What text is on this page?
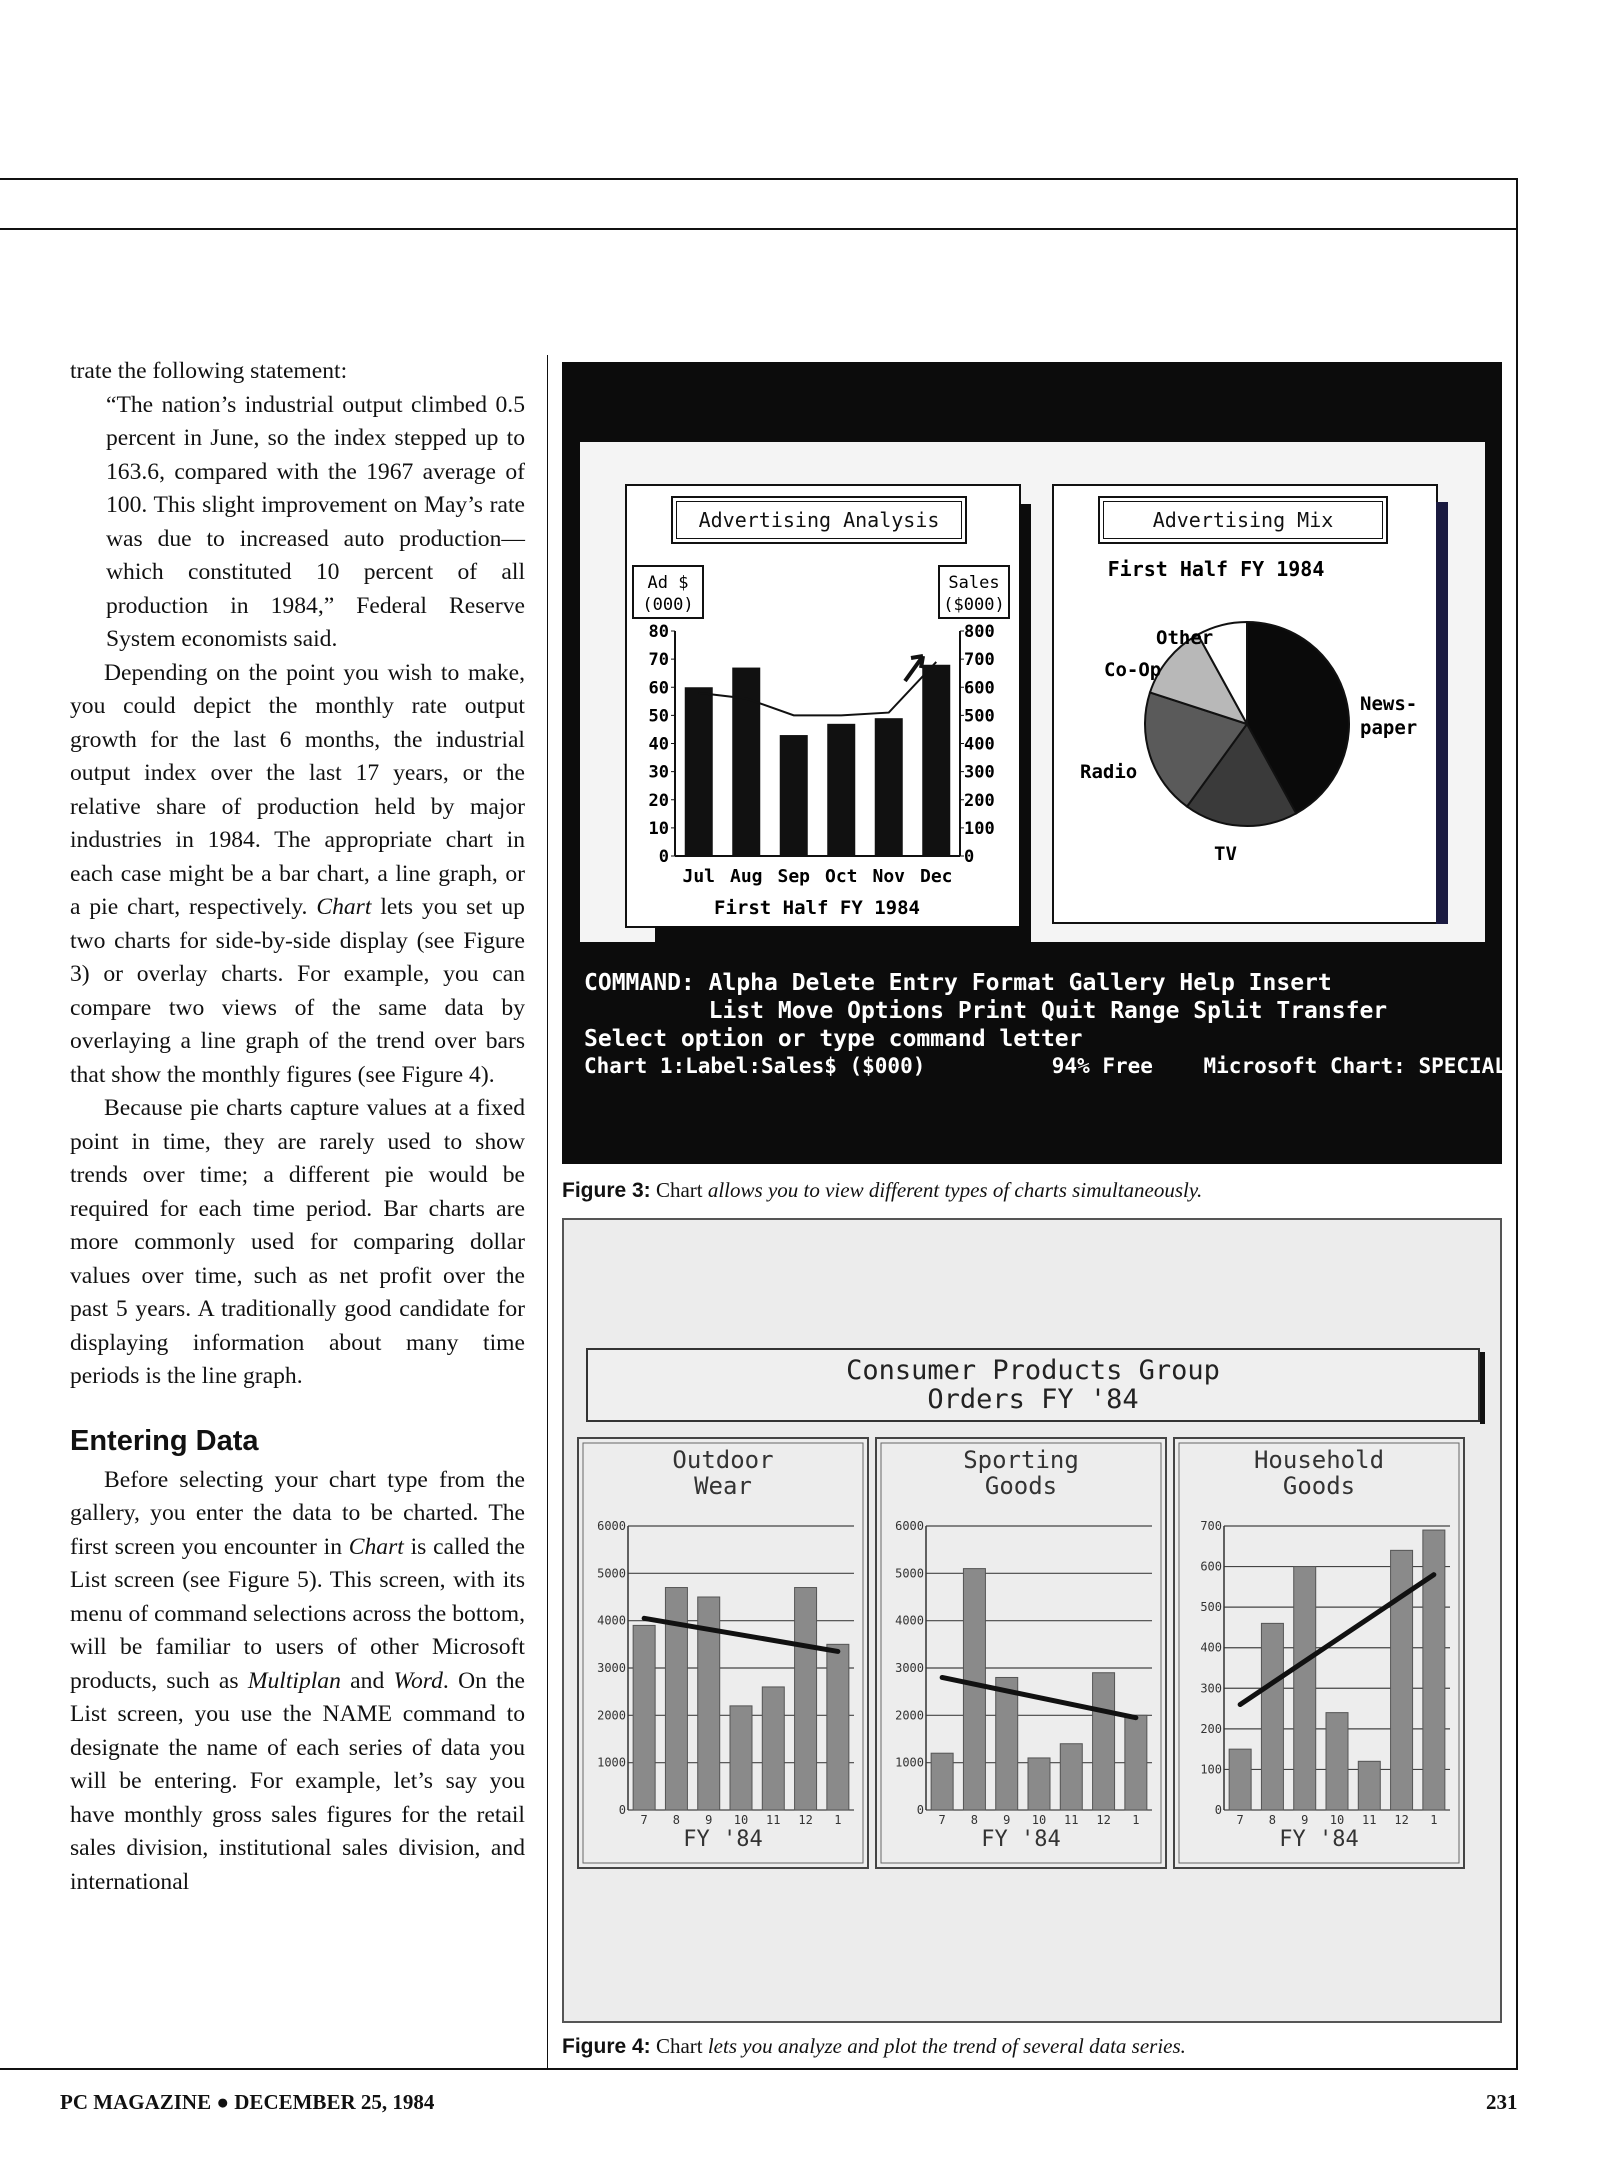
trate the following statement:

“The nation’s industrial output climbed 0.5 percent in June, so the index stepped up to 163.6, compared with the 1967 average of 100. This slight improvement on May’s rate was due to increased auto production—which constituted 10 percent of all production in 1984,” Federal Reserve System economists said.

Depending on the point you wish to make, you could depict the monthly rate output growth for the last 6 months, the industrial output index over the last 17 years, or the relative share of production held by major industries in 1984. The appropriate chart in each case might be a bar chart, a line graph, or a pie chart, respectively. Chart lets you set up two charts for side-by-side display (see Figure 3) or overlay charts. For example, you can compare two views of the same data by overlaying a line graph of the trend over bars that show the monthly figures (see Figure 4).

Because pie charts capture values at a fixed point in time, they are rarely used to show trends over time; a different pie would be required for each time period. Bar charts are more commonly used for comparing dollar values over time, such as net profit over the past 5 years. A traditionally good candidate for displaying information about many time periods is the line graph.

Entering Data

Before selecting your chart type from the gallery, you enter the data to be charted. The first screen you encounter in Chart is called the List screen (see Figure 5). This screen, with its menu of command selections across the bottom, will be familiar to users of other Microsoft products, such as Multiplan and Word. On the List screen, you use the NAME command to designate the name of each series of data you will be entering. For example, let’s say you have monthly gross sales figures for the retail sales division, institutional sales division, and international

Advertising Analysis
Ad $
(000)
Sales
($000)
0
10
20
30
40
50
60
70
80
0
100
200
300
400
500
600
700
800
Jul Aug Sep Oct Nov Dec
First Half FY 1984
Advertising Mix
First Half FY 1984
Other
Co-Op
News-
paper
Radio
TV
COMMAND: Alpha Delete Entry Format Gallery Help Insert
List Move Options Print Quit Range Split Transfer
Select option or type command letter
Chart 1:Label:Sales$ ($000)          94% Free    Microsoft Chart: SPECIAL
Figure 3: Chart allows you to view different types of charts simultaneously.
Consumer Products Group
Orders FY '84
Outdoor
Wear
0
1000
2000
3000
4000
5000
6000
7 8 9 10 11 12 1
FY '84
Sporting
Goods
0
1000
2000
3000
4000
5000
6000
7 8 9 10 11 12 1
FY '84
Household
Goods
0
100
200
300
400
500
600
700
7 8 9 10 11 12 1
FY '84
Figure 4: Chart lets you analyze and plot the trend of several data series.
PC MAGAZINE ● DECEMBER 25, 1984	231
